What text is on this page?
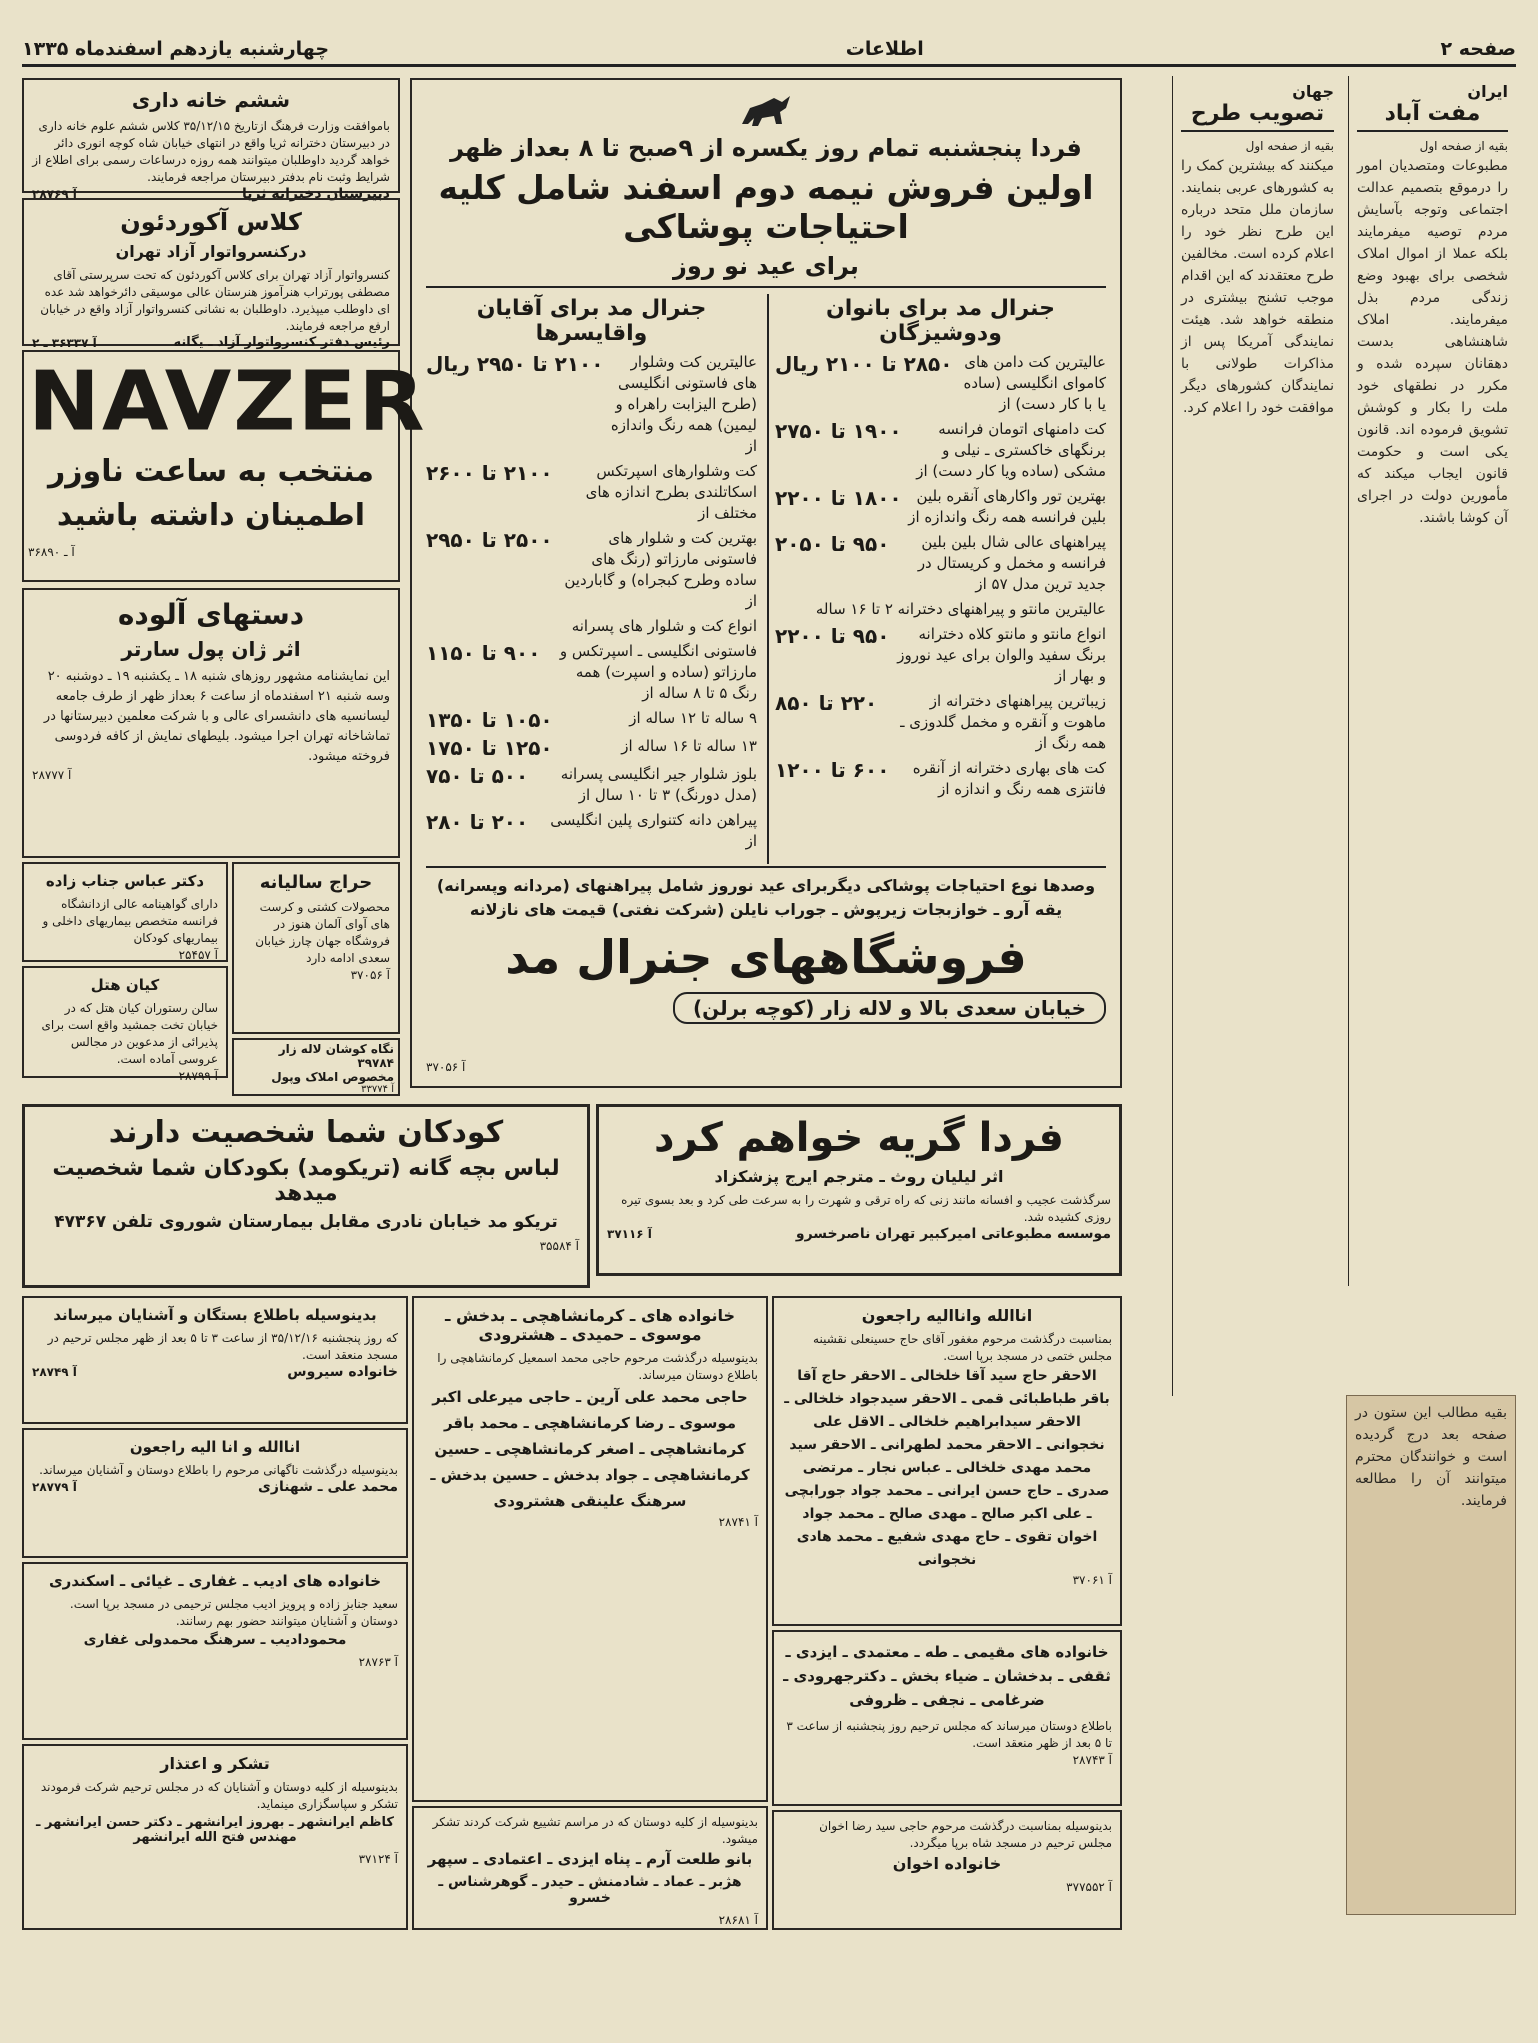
صفحه ۲
اطلاعات
چهارشنبه یازدهم اسفندماه ۱۳۳۵
ایران
مفت آباد
بقیه از صفحه اول
مطبوعات ومتصدیان امور را درموقع بتصمیم عدالت اجتماعی وتوجه بآسایش مردم توصیه میفرمایند بلکه عملا از اموال املاک شخصی برای بهبود وضع زندگی مردم بذل میفرمایند. املاک شاهنشاهی بدست دهقانان سپرده شده و مکرر در نطقهای خود ملت را بکار و کوشش تشویق فرموده اند. قانون یکی است و حکومت قانون ایجاب میکند که مأمورین دولت در اجرای آن کوشا باشند.
جهان
تصویب طرح
بقیه از صفحه اول
میکنند که بیشترین کمک را به کشورهای عربی بنمایند. سازمان ملل متحد درباره این طرح نظر خود را اعلام کرده است. مخالفین طرح معتقدند که این اقدام موجب تشنج بیشتری در منطقه خواهد شد. هیئت نمایندگی آمریکا پس از مذاکرات طولانی با نمایندگان کشورهای دیگر موافقت خود را اعلام کرد.
بقیه مطالب این ستون در صفحه بعد درج گردیده است و خوانندگان محترم میتوانند آن را مطالعه فرمایند.
فردا پنجشنبه تمام روز یکسره از ۹صبح تا ۸ بعداز ظهر
اولین فروش نیمه دوم اسفند شامل کلیه احتیاجات پوشاکی
برای عید نو روز
جنرال مد برای بانوان ودوشیزگان
عالیترین کت دامن های کاموای انگلیسی (ساده یا با کار دست) از
۲۸۵۰ تا ۲۱۰۰ ریال
کت دامنهای اتومان فرانسه برنگهای خاکستری ـ نیلی و مشکی (ساده ویا کار دست) از
۱۹۰۰ تا ۲۷۵۰
بهترین تور واکارهای آنقره بلین بلین فرانسه همه رنگ واندازه از
۱۸۰۰ تا ۲۲۰۰
پیراهنهای عالی شال بلین بلین فرانسه و مخمل و کریستال در جدید ترین مدل ۵۷ از
۹۵۰ تا ۲۰۵۰
عالیترین مانتو و پیراهنهای دخترانه ۲ تا ۱۶ ساله
انواع مانتو و مانتو کلاه دخترانه برنگ سفید والوان برای عید نوروز و بهار از
۹۵۰ تا ۲۲۰۰
زیباترین پیراهنهای دخترانه از ماهوت و آنقره و مخمل گلدوزی ـ همه رنگ از
۲۲۰ تا ۸۵۰
کت های بهاری دخترانه از آنقره فانتزی همه رنگ و اندازه از
۶۰۰ تا ۱۲۰۰
جنرال مد برای آقایان واقایسرها
عالیترین کت وشلوار های فاستونی انگلیسی (طرح الیزابت راهراه و لیمین) همه رنگ واندازه از
۲۱۰۰ تا ۲۹۵۰ ریال
کت وشلوارهای اسپرتکس اسکاتلندی بطرح اندازه های مختلف از
۲۱۰۰ تا ۲۶۰۰
بهترین کت و شلوار های فاستونی مارزاتو (رنگ های ساده وطرح کبجراه) و گاباردین از
۲۵۰۰ تا ۲۹۵۰
انواع کت و شلوار های پسرانه
فاستونی انگلیسی ـ اسپرتکس و مارزاتو (ساده و اسپرت) همه رنگ ۵ تا ۸ ساله از
۹۰۰ تا ۱۱۵۰
۹ ساله تا ۱۲ ساله از
۱۰۵۰ تا ۱۳۵۰
۱۳ ساله تا ۱۶ ساله از
۱۲۵۰ تا ۱۷۵۰
بلوز شلوار جیر انگلیسی پسرانه (مدل دورنگ) ۳ تا ۱۰ سال از
۵۰۰ تا ۷۵۰
پیراهن دانه کتنواری پلین انگلیسی از
۲۰۰ تا ۲۸۰
وصدها نوع احتیاجات پوشاکی دیگربرای عید نوروز شامل پیراهنهای (مردانه وپسرانه) یقه آرو ـ خوازبجات زیرپوش ـ جوراب نایلن (شرکت نفتی) قیمت های نازلانه
فروشگاههای جنرال مد
خیابان سعدی بالا و لاله زار (کوچه برلن)
آ ۳۷۰۵۶
ششم خانه داری
باموافقت وزارت فرهنگ ازتاریخ ۳۵/۱۲/۱۵ کلاس ششم علوم خانه داری در دبیرستان دخترانه ثریا واقع در انتهای خیابان شاه کوچه انوری دائر خواهد گردید داوطلبان میتوانند همه روزه درساعات رسمی برای اطلاع از شرایط وثبت نام بدفتر دبیرستان مراجعه فرمایند.
دبیرستان دخترانه ثریا
آ ۲۸۷۶۹
کلاس آکوردئون
درکنسرواتوار آزاد تهران
کنسرواتوار آزاد تهران برای کلاس آکوردئون که تحت سرپرستی آقای مصطفی پورتراب هنرآموز هنرستان عالی موسیقی دائرخواهد شد عده ای داوطلب میپذیرد. داوطلبان به نشانی کنسرواتوار آزاد واقع در خیابان ارفع مراجعه فرمایند.
رئیس دفتر کنسرواتوار آزاد ـ یگانه
آ ۳۶۳۳۷ ـ ۲
NAVZER
منتخب به ساعت ناوزر اطمینان داشته باشید
آ ـ ۳۶۸۹۰
دستهای آلوده
اثر ژان پول سارتر
این نمایشنامه مشهور روزهای شنبه ۱۸ ـ یکشنبه ۱۹ ـ دوشنبه ۲۰ وسه شنبه ۲۱ اسفندماه از ساعت ۶ بعداز ظهر از طرف جامعه لیسانسیه های دانشسرای عالی و با شرکت معلمین دبیرستانها در تماشاخانه تهران اجرا میشود. بلیطهای نمایش از کافه فردوسی فروخته میشود.
آ ۲۸۷۷۷
حراج سالیانه
محصولات کشتی و کرست های آوای آلمان هنوز در فروشگاه جهان چارز خیابان سعدی ادامه دارد
آ ۳۷۰۵۶
دکتر عباس جناب زاده
دارای گواهینامه عالی ازدانشگاه فرانسه متخصص بیماریهای داخلی و بیماریهای کودکان
آ ۲۵۴۵۷
کیان هتل
سالن رستوران کیان هتل که در خیابان تخت جمشید واقع است برای پذیرائی از مدعوین در مجالس عروسی آماده است.
آ ۲۸۷۹۹
نگاه کوشان لاله زار ۳۹۷۸۴
مخصوص املاک وپول
آ ۳۳۷۷۴
کودکان شما شخصیت دارند
لباس بچه گانه (تریکومد) بکودکان شما شخصیت میدهد
تریکو مد خیابان نادری مقابل بیمارستان شوروی تلفن ۴۷۳۶۷
آ ۳۵۵۸۴
فردا گریه خواهم کرد
اثر لیلیان روث ـ مترجم ایرج پزشکزاد
سرگذشت عجیب و افسانه مانند زنی که راه ترقی و شهرت را به سرعت طی کرد و بعد بسوی تیره روزی کشیده شد.
موسسه مطبوعاتی امیرکبیر تهران ناصرخسرو
آ ۳۷۱۱۶
بدینوسیله باطلاع بستگان و آشنایان میرساند
که روز پنجشنبه ۳۵/۱۲/۱۶ از ساعت ۳ تا ۵ بعد از ظهر مجلس ترحیم در مسجد منعقد است.
خانواده سیروس
آ ۲۸۷۴۹
اناالله و انا الیه راجعون
بدینوسیله درگذشت ناگهانی مرحوم را باطلاع دوستان و آشنایان میرساند.
محمد علی ـ شهنازی
آ ۲۸۷۷۹
خانواده های ادیب ـ غفاری ـ غیائی ـ اسکندری
سعید جنابز زاده و پرویز ادیب مجلس ترحیمی در مسجد برپا است. دوستان و آشنایان میتوانند حضور بهم رسانند.
محمودادیب ـ سرهنگ محمدولی غفاری
آ ۲۸۷۶۳
تشکر و اعتذار
بدینوسیله از کلیه دوستان و آشنایان که در مجلس ترحیم شرکت فرمودند تشکر و سپاسگزاری مینماید.
کاظم ایرانشهر ـ بهروز ایرانشهر ـ دکتر حسن ایرانشهر ـ مهندس فتح الله ایرانشهر
آ ۳۷۱۲۴
خانواده های ـ کرمانشاهچی ـ بدخش ـ موسوی ـ حمیدی ـ هشترودی
بدینوسیله درگذشت مرحوم حاجی محمد اسمعیل کرمانشاهچی را باطلاع دوستان میرساند.
حاجی محمد علی آرین ـ حاجی میرعلی اکبر موسوی ـ رضا کرمانشاهچی ـ محمد باقر کرمانشاهچی ـ اصغر کرمانشاهچی ـ حسین کرمانشاهچی ـ جواد بدخش ـ حسین بدخش ـ سرهنگ علینقی هشترودی
آ ۲۸۷۴۱
بدینوسیله از کلیه دوستان که در مراسم تشییع شرکت کردند تشکر میشود.
بانو طلعت آرم ـ پناه ایزدی ـ اعتمادی ـ سپهر
هژبر ـ عماد ـ شادمنش ـ حیدر ـ گوهرشناس ـ خسرو
آ ۲۸۶۸۱
اناالله واناالیه راجعون
بمناسبت درگذشت مرحوم مغفور آقای حاج حسینعلی نقشینه مجلس ختمی در مسجد برپا است.
الاحقر حاج سید آقا خلخالی ـ الاحقر حاج آقا باقر طباطبائی قمی ـ الاحقر سیدجواد خلخالی ـ الاحقر سیدابراهیم خلخالی ـ الاقل علی نخجوانی ـ الاحقر محمد لطهرانی ـ الاحقر سید محمد مهدی خلخالی ـ عباس نجار ـ مرتضی صدری ـ حاج حسن ایرانی ـ محمد جواد جورابچی ـ علی اکبر صالح ـ مهدی صالح ـ محمد جواد اخوان تقوی ـ حاج مهدی شفیع ـ محمد هادی نخجوانی
آ ۳۷۰۶۱
خانواده های مقیمی ـ طه ـ معتمدی ـ ایزدی ـ ثقفی ـ بدخشان ـ ضیاء بخش ـ دکترجهرودی ـ ضرغامی ـ نجفی ـ ظروفی
باطلاع دوستان میرساند که مجلس ترحیم روز پنجشنبه از ساعت ۳ تا ۵ بعد از ظهر منعقد است.
آ ۲۸۷۴۳
بدینوسیله بمناسبت درگذشت مرحوم حاجی سید رضا اخوان مجلس ترحیم در مسجد شاه برپا میگردد.
خانواده اخوان
آ ۳۷۷۵۵۲
